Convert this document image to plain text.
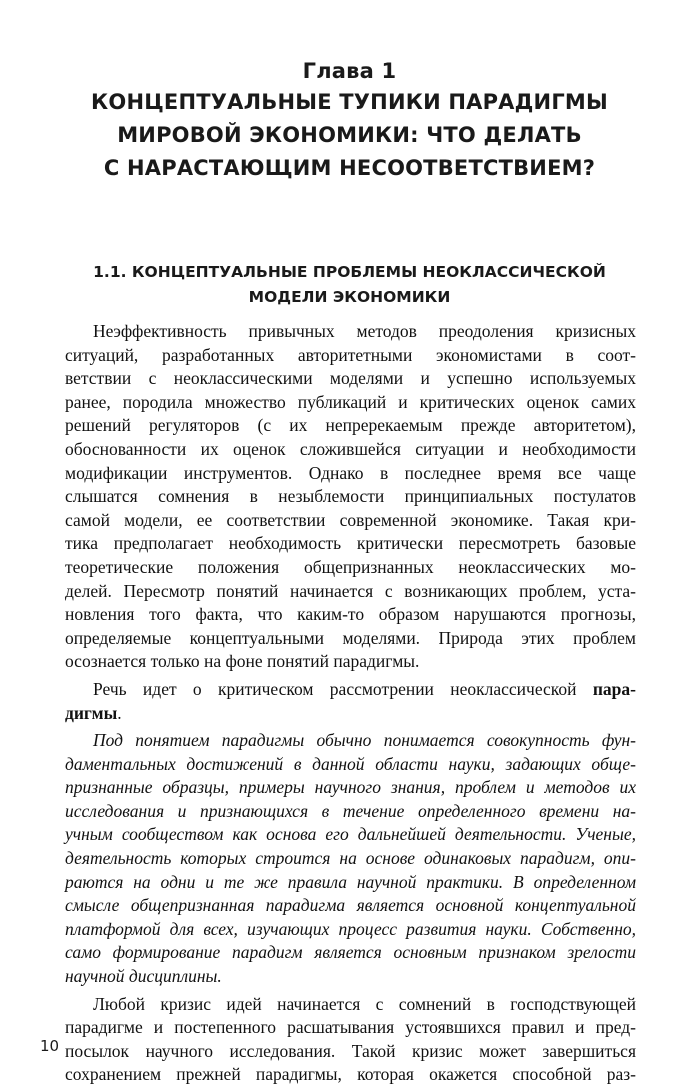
Глава 1
КОНЦЕПТУАЛЬНЫЕ ТУПИКИ ПАРАДИГМЫ
МИРОВОЙ ЭКОНОМИКИ: ЧТО ДЕЛАТЬ
С НАРАСТАЮЩИМ НЕСООТВЕТСТВИЕМ?
1.1. КОНЦЕПТУАЛЬНЫЕ ПРОБЛЕМЫ НЕОКЛАССИЧЕСКОЙ
МОДЕЛИ ЭКОНОМИКИ
Неэффективность привычных методов преодоления кризисных
ситуаций, разработанных авторитетными экономистами в соот-
ветствии с неоклассическими моделями и успешно используемых
ранее, породила множество публикаций и критических оценок самих
решений регуляторов (с их непререкаемым прежде авторитетом),
обоснованности их оценок сложившейся ситуации и необходимости
модификации инструментов. Однако в последнее время все чаще
слышатся сомнения в незыблемости принципиальных постулатов
самой модели, ее соответствии современной экономике. Такая кри-
тика предполагает необходимость критически пересмотреть базовые
теоретические положения общепризнанных неоклассических мо-
делей. Пересмотр понятий начинается с возникающих проблем, уста-
новления того факта, что каким-то образом нарушаются прогнозы,
определяемые концептуальными моделями. Природа этих проблем
осознается только на фоне понятий парадигмы.
Речь идет о критическом рассмотрении неоклассической пара-
дигмы.
Под понятием парадигмы обычно понимается совокупность фун-
даментальных достижений в данной области науки, задающих обще-
признанные образцы, примеры научного знания, проблем и методов их
исследования и признающихся в течение определенного времени на-
учным сообществом как основа его дальнейшей деятельности. Ученые,
деятельность которых строится на основе одинаковых парадигм, опи-
раются на одни и те же правила научной практики. В определенном
смысле общепризнанная парадигма является основной концептуальной
платформой для всех, изучающих процесс развития науки. Собственно,
само формирование парадигм является основным признаком зрелости
научной дисциплины.
Любой кризис идей начинается с сомнений в господствующей
парадигме и постепенного расшатывания устоявшихся правил и пред-
посылок научного исследования. Такой кризис может завершиться
сохранением прежней парадигмы, которая окажется способной раз-
10
